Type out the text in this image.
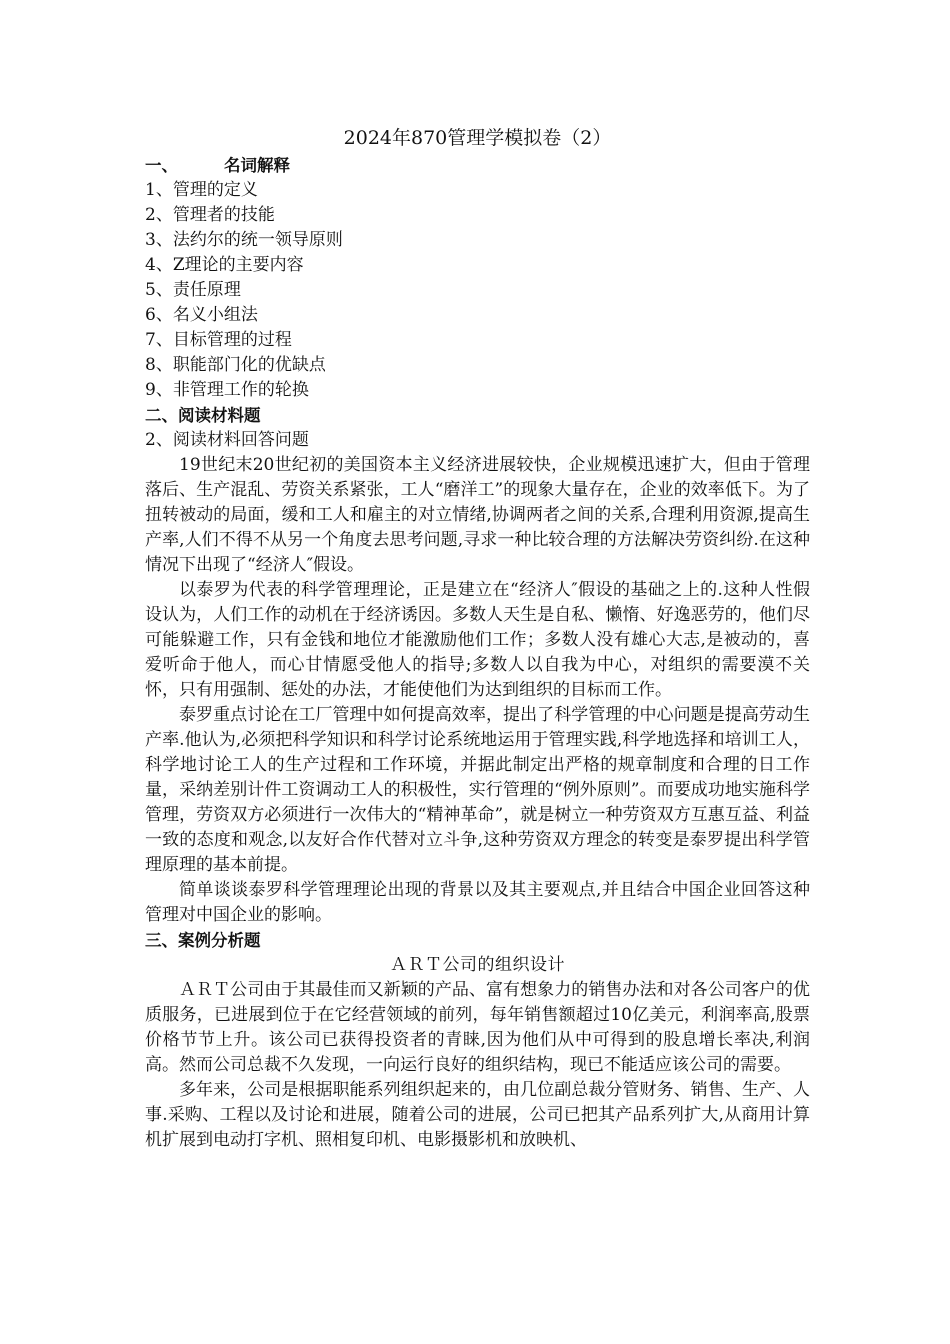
2024年870管理学模拟卷（2）

一、	名词解释

1、管理的定义

2、管理者的技能

3、法约尔的统一领导原则

4、Z理论的主要内容

5、责任原理

6、名义小组法

7、目标管理的过程

8、职能部门化的优缺点

9、非管理工作的轮换

二、阅读材料题

2、阅读材料回答问题

19世纪末20世纪初的美国资本主义经济进展较快，企业规模迅速扩大，但由于管理落后、生产混乱、劳资关系紧张，工人“磨洋工”的现象大量存在，企业的效率低下。为了扭转被动的局面，缓和工人和雇主的对立情绪,协调两者之间的关系,合理利用资源,提高生产率,人们不得不从另一个角度去思考问题,寻求一种比较合理的方法解决劳资纠纷.在这种情况下出现了“经济人″假设。

以泰罗为代表的科学管理理论，正是建立在“经济人″假设的基础之上的.这种人性假设认为，人们工作的动机在于经济诱因。多数人天生是自私、懒惰、好逸恶劳的，他们尽可能躲避工作，只有金钱和地位才能激励他们工作；多数人没有雄心大志,是被动的，喜爱听命于他人，而心甘情愿受他人的指导;多数人以自我为中心，对组织的需要漠不关怀，只有用强制、惩处的办法，才能使他们为达到组织的目标而工作。

泰罗重点讨论在工厂管理中如何提高效率，提出了科学管理的中心问题是提高劳动生产率.他认为,必须把科学知识和科学讨论系统地运用于管理实践,科学地选择和培训工人，科学地讨论工人的生产过程和工作环境，并据此制定出严格的规章制度和合理的日工作量，采纳差别计件工资调动工人的积极性，实行管理的“例外原则”。而要成功地实施科学管理，劳资双方必须进行一次伟大的“精神革命”，就是树立一种劳资双方互惠互益、利益一致的态度和观念,以友好合作代替对立斗争,这种劳资双方理念的转变是泰罗提出科学管理原理的基本前提。

简单谈谈泰罗科学管理理论出现的背景以及其主要观点,并且结合中国企业回答这种管理对中国企业的影响。

三、案例分析题

ＡＲＴ公司的组织设计

ＡＲＴ公司由于其最佳而又新颖的产品、富有想象力的销售办法和对各公司客户的优质服务，已进展到位于在它经营领域的前列，每年销售额超过10亿美元，利润率高,股票价格节节上升。该公司已获得投资者的青睐,因为他们从中可得到的股息增长率决,利润高。然而公司总裁不久发现，一向运行良好的组织结构，现已不能适应该公司的需要。

多年来，公司是根据职能系列组织起来的，由几位副总裁分管财务、销售、生产、人事.采购、工程以及讨论和进展，随着公司的进展，公司已把其产品系列扩大,从商用计算机扩展到电动打字机、照相复印机、电影摄影机和放映机、
